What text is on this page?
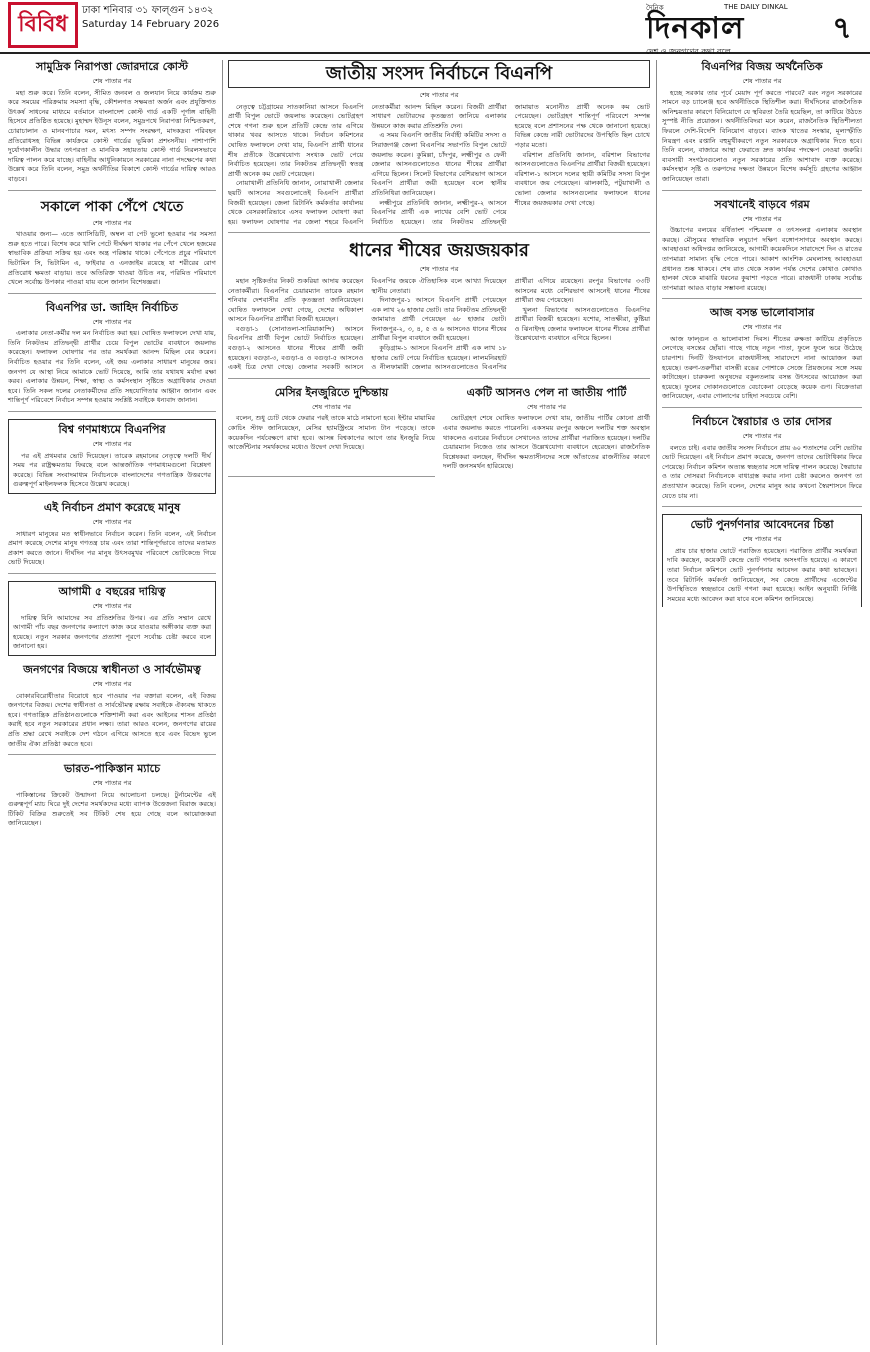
বিবিধ
ঢাকা শনিবার ৩১ ফাল্গুন ১৪৩২
Saturday 14 February 2026
দৈনিক	THE DAILY DINKAL
দিনকাল
দেশ ও জনগণের কথা বলে
৭
সামুদ্রিক নিরাপত্তা জোরদারে কোস্ট
শেষ পাতার পর

মহা শুরু করে। তিনি বলেন, সীমিত জনবল ও জলযান নিয়ে কার্যক্রম শুরু করে সময়ের পরিক্রমায় সমস্যা বৃদ্ধি, কৌশলগত সক্ষমতা অর্জন এবং প্রযুক্তিগত উৎকর্ষ সাধনের মাধ্যমে বর্তমানে বাংলাদেশ কোস্ট গার্ড একটি পূর্ণাঙ্গ বাহিনী হিসেবে প্রতিষ্ঠিত হয়েছে। মুহাম্মদ ইউনূস বলেন, সমুদ্রপথে নিরাপত্তা নিশ্চিতকরণ, চোরাচালান ও মানবপাচার দমন, মৎস্য সম্পদ সংরক্ষণ, মাদকদ্রব্য পরিবহন প্রতিরোধসহ বিভিন্ন কার্যক্রমে কোস্ট গার্ডের ভূমিকা প্রশংসনীয়। পাশাপাশি দুর্যোগকালীন উদ্ধার তৎপরতা ও মানবিক সহায়তায় কোস্ট গার্ড নিরলসভাবে দায়িত্ব পালন করে যাচ্ছে। বাহিনীর আধুনিকায়নে সরকারের নানা পদক্ষেপের কথা উল্লেখ করে তিনি বলেন, সমুদ্র অর্থনীতির বিকাশে কোস্ট গার্ডের দায়িত্ব আরও বাড়বে।

সকালে পাকা পেঁপে খেতে
শেষ পাতার পর

খাওয়ার জন্য— এতে অ্যাসিডিটি, অম্বল বা পেট ভুলো হওয়ার পর সমস্যা শুরু হতে পারে। বিশেষ করে খালি পেটে দীর্ঘক্ষণ থাকার পর পেঁপে খেলে হজমের স্বাভাবিক প্রক্রিয়া সক্রিয় হয় এবং অন্ত্র পরিষ্কার থাকে। পেঁপেতে প্রচুর পরিমাণে ভিটামিন সি, ভিটামিন এ, ফাইবার ও এনজাইম রয়েছে যা শরীরের রোগ প্রতিরোধ ক্ষমতা বাড়ায়। তবে অতিরিক্ত খাওয়া উচিত নয়, পরিমিত পরিমাণে খেলে সর্বোচ্চ উপকার পাওয়া যায় বলে জানান বিশেষজ্ঞরা।

বিএনপির ডা. জাহিদ নির্বাচিত
শেষ পাতার পর

এলাকার নেতা-কর্মীর দল মন নির্বাচিত করা হয়। ঘোষিত ফলাফলে দেখা যায়, তিনি নিকটতম প্রতিদ্বন্দ্বী প্রার্থীর চেয়ে বিপুল ভোটের ব্যবধানে জয়লাভ করেছেন। ফলাফল ঘোষণার পর তার সমর্থকরা আনন্দ মিছিল বের করেন। নির্বাচিত হওয়ার পর তিনি বলেন, এই জয় এলাকার সাধারণ মানুষের জয়। জনগণ যে আস্থা নিয়ে আমাকে ভোট দিয়েছে, আমি তার যথাযথ মর্যাদা রক্ষা করব। এলাকার উন্নয়ন, শিক্ষা, স্বাস্থ্য ও কর্মসংস্থান সৃষ্টিতে অগ্রাধিকার দেওয়া হবে। তিনি সকল দলের নেতাকর্মীদের প্রতি সহযোগিতার আহ্বান জানান এবং শান্তিপূর্ণ পরিবেশে নির্বাচন সম্পন্ন হওয়ায় সংশ্লিষ্ট সবাইকে ধন্যবাদ জানান।

বিশ্ব গণমাধ্যমে বিএনপির
শেষ পাতার পর

পর এই প্রথমবার ভোট দিয়েছেন। তারেক রহমানের নেতৃত্বে দলটি দীর্ঘ সময় পর রাষ্ট্রক্ষমতায় ফিরছে বলে আন্তর্জাতিক গণমাধ্যমগুলো বিশ্লেষণ করেছে। বিভিন্ন সংবাদমাধ্যম নির্বাচনকে বাংলাদেশের গণতান্ত্রিক উত্তরণের গুরুত্বপূর্ণ মাইলফলক হিসেবে উল্লেখ করেছে।

এই নির্বাচন প্রমাণ করেছে মানুষ
শেষ পাতার পর

সাধারণ মানুষের মত স্বাধীনভাবে নির্বাচন করেন। তিনি বলেন, এই নির্বাচন প্রমাণ করেছে দেশের মানুষ গণতন্ত্র চায় এবং তারা শান্তিপূর্ণভাবে তাদের মতামত প্রকাশ করতে জানে। দীর্ঘদিন পর মানুষ উৎসবমুখর পরিবেশে ভোটকেন্দ্রে গিয়ে ভোট দিয়েছে।

আগামী ৫ বছরের দায়িত্ব
শেষ পাতার পর

দায়িত্ব যিনি আমাদের সব প্রতিশ্রুতির উপর। এর প্রতি সম্মান রেখে আগামী পাঁচ বছর জনগণের কল্যাণে কাজ করে যাওয়ার অঙ্গীকার ব্যক্ত করা হয়েছে। নতুন সরকার জনগণের প্রত্যাশা পূরণে সর্বোচ্চ চেষ্টা করবে বলে জানানো হয়।

জনগণের বিজয়ে স্বাধীনতা ও সার্বভৌমত্ব
শেষ পাতার পর

বোকারবিরোধীতার বিরোধে হবে পাওয়ার পর বক্তারা বলেন, এই বিজয় জনগণের বিজয়। দেশের স্বাধীনতা ও সার্বভৌমত্ব রক্ষায় সবাইকে ঐক্যবদ্ধ থাকতে হবে। গণতান্ত্রিক প্রতিষ্ঠানগুলোকে শক্তিশালী করা এবং আইনের শাসন প্রতিষ্ঠা করাই হবে নতুন সরকারের প্রধান লক্ষ্য। তারা আরও বলেন, জনগণের রায়ের প্রতি শ্রদ্ধা রেখে সবাইকে দেশ গঠনে এগিয়ে আসতে হবে এবং বিভেদ ভুলে জাতীয় ঐক্য প্রতিষ্ঠা করতে হবে।

ভারত-পাকিস্তান ম্যাচে
শেষ পাতার পর

পাকিস্তানের ক্রিকেট উন্মাদনা নিয়ে আলোচনা চলছে। টুর্নামেন্টের এই গুরুত্বপূর্ণ ম্যাচ ঘিরে দুই দেশের সমর্থকদের মধ্যে ব্যাপক উত্তেজনা বিরাজ করছে। টিকিট বিক্রির শুরুতেই সব টিকিট শেষ হয়ে গেছে বলে আয়োজকরা জানিয়েছেন।

জাতীয় সংসদ নির্বাচনে বিএনপি
শেষ পাতার পর

নেতৃত্বে চট্টগ্রামের সাতকানিয়া আসনে বিএনপি প্রার্থী বিপুল ভোটে জয়লাভ করেছেন। ভোটগ্রহণ শেষে গণনা শুরু হলে প্রতিটি কেন্দ্রে তার এগিয়ে থাকার খবর আসতে থাকে। নির্বাচন কমিশনের ঘোষিত ফলাফলে দেখা যায়, বিএনপি প্রার্থী ধানের শীষ প্রতীকে উল্লেখযোগ্য সংখ্যক ভোট পেয়ে নির্বাচিত হয়েছেন। তার নিকটতম প্রতিদ্বন্দ্বী স্বতন্ত্র প্রার্থী অনেক কম ভোট পেয়েছেন।

নোয়াখালী প্রতিনিধি জানান, নোয়াখালী জেলার ছয়টি আসনের সবগুলোতেই বিএনপি প্রার্থীরা বিজয়ী হয়েছেন। জেলা রিটার্নিং কর্মকর্তার কার্যালয় থেকে বেসরকারিভাবে এসব ফলাফল ঘোষণা করা হয়। ফলাফল ঘোষণার পর জেলা শহরে বিএনপি নেতাকর্মীরা আনন্দ মিছিল করেন। বিজয়ী প্রার্থীরা সাধারণ ভোটারদের কৃতজ্ঞতা জানিয়ে এলাকার উন্নয়নে কাজ করার প্রতিশ্রুতি দেন।

এ সময় বিএনপি জাতীয় নির্বাহী কমিটির সদস্য ও সিরাজগঞ্জ জেলা বিএনপির সভাপতি বিপুল ভোটে জয়লাভ করেন। কুমিল্লা, চাঁদপুর, লক্ষ্মীপুর ও ফেনী জেলার আসনগুলোতেও ধানের শীষের প্রার্থীরা এগিয়ে ছিলেন। সিলেট বিভাগের বেশিরভাগ আসনে বিএনপি প্রার্থীরা জয়ী হয়েছেন বলে স্থানীয় প্রতিনিধিরা জানিয়েছেন।

লক্ষ্মীপুরে প্রতিনিধি জানান, লক্ষ্মীপুর-২ আসনে বিএনপির প্রার্থী এক লাখের বেশি ভোট পেয়ে নির্বাচিত হয়েছেন। তার নিকটতম প্রতিদ্বন্দ্বী জামায়াত মনোনীত প্রার্থী অনেক কম ভোট পেয়েছেন। ভোটগ্রহণ শান্তিপূর্ণ পরিবেশে সম্পন্ন হয়েছে বলে প্রশাসনের পক্ষ থেকে জানানো হয়েছে। বিভিন্ন কেন্দ্রে নারী ভোটারদের উপস্থিতি ছিল চোখে পড়ার মতো।

বরিশাল প্রতিনিধি জানান, বরিশাল বিভাগের আসনগুলোতেও বিএনপির প্রার্থীরা বিজয়ী হয়েছেন। বরিশাল-১ আসনে দলের স্থায়ী কমিটির সদস্য বিপুল ব্যবধানে জয় পেয়েছেন। ঝালকাঠি, পটুয়াখালী ও ভোলা জেলার আসনগুলোর ফলাফলে ধানের শীষের জয়জয়কার দেখা গেছে।

ধানের শীষের জয়জয়কার
শেষ পাতার পর

মহান সৃষ্টিকর্তার নিকট শুকরিয়া আদায় করেছেন নেতাকর্মীরা। বিএনপির চেয়ারম্যান তারেক রহমান শনিবার দেশবাসীর প্রতি কৃতজ্ঞতা জানিয়েছেন। ঘোষিত ফলাফলে দেখা গেছে, দেশের অধিকাংশ আসনে বিএনপির প্রার্থীরা বিজয়ী হয়েছেন।

বগুড়া-১ (সোনাতলা-সারিয়াকান্দি) আসনে বিএনপির প্রার্থী বিপুল ভোটে নির্বাচিত হয়েছেন। বগুড়া-২ আসনেও ধানের শীষের প্রার্থী জয়ী হয়েছেন। বগুড়া-৩, বগুড়া-৪ ও বগুড়া-৫ আসনেও একই চিত্র দেখা গেছে। জেলার সবকটি আসনে বিএনপির জয়কে ঐতিহাসিক বলে আখ্যা দিয়েছেন স্থানীয় নেতারা।

দিনাজপুর-১ আসনে বিএনপি প্রার্থী পেয়েছেন এক লাখ ২৬ হাজার ভোট। তার নিকটতম প্রতিদ্বন্দ্বী জামায়াত প্রার্থী পেয়েছেন ৬৮ হাজার ভোট। দিনাজপুর-২, ৩, ৪, ৫ ও ৬ আসনেও ধানের শীষের প্রার্থীরা বিপুল ব্যবধানে জয়ী হয়েছেন।

কুড়িগ্রাম-১ আসনে বিএনপি প্রার্থী এক লাখ ১৮ হাজার ভোট পেয়ে নির্বাচিত হয়েছেন। লালমনিরহাট ও নীলফামারী জেলার আসনগুলোতেও বিএনপির প্রার্থীরা এগিয়ে রয়েছেন। রংপুর বিভাগের ৩৩টি আসনের মধ্যে বেশিরভাগ আসনেই ধানের শীষের প্রার্থীরা জয় পেয়েছেন।

খুলনা বিভাগের আসনগুলোতেও বিএনপির প্রার্থীরা বিজয়ী হয়েছেন। যশোর, সাতক্ষীরা, কুষ্টিয়া ও ঝিনাইদহ জেলার ফলাফলে ধানের শীষের প্রার্থীরা উল্লেখযোগ্য ব্যবধানে এগিয়ে ছিলেন।

মেসির ইনজুরিতে দুশ্চিন্তায়
শেষ পাতার পর

বলেন, শুধু চোট থেকে ফেরার পরই তাকে মাঠে নামানো হবে। ইন্টার মায়ামির কোচিং স্টাফ জানিয়েছেন, মেসির হ্যামস্ট্রিংয়ে সামান্য টান পড়েছে। তাকে কয়েকদিন পর্যবেক্ষণে রাখা হবে। আসন্ন বিশ্বকাপের আগে তার ইনজুরি নিয়ে আর্জেন্টিনার সমর্থকদের মধ্যেও উদ্বেগ দেখা দিয়েছে।

একটি আসনও পেল না জাতীয় পার্টি
শেষ পাতার পর

ভোটগ্রহণ শেষে ঘোষিত ফলাফলে দেখা যায়, জাতীয় পার্টির কোনো প্রার্থী এবার জয়লাভ করতে পারেননি। একসময় রংপুর অঞ্চলে দলটির শক্ত অবস্থান থাকলেও এবারের নির্বাচনে সেখানেও তাদের প্রার্থীরা পরাজিত হয়েছেন। দলটির চেয়ারম্যান নিজেও তার আসনে উল্লেখযোগ্য ব্যবধানে হেরেছেন। রাজনৈতিক বিশ্লেষকরা বলছেন, দীর্ঘদিন ক্ষমতাসীনদের সঙ্গে আঁতাতের রাজনীতির কারণে দলটি জনসমর্থন হারিয়েছে।

বিএনপির বিজয় অর্থনৈতিক
শেষ পাতার পর

হচ্ছে সরকার তার পূর্বে মেয়াদ পূর্ণ করতে পারবে? বরং নতুন সরকারের সামনে বড় চ্যালেঞ্জ হবে অর্থনীতিকে স্থিতিশীল করা। দীর্ঘদিনের রাজনৈতিক অনিশ্চয়তার কারণে বিনিয়োগে যে স্থবিরতা তৈরি হয়েছিল, তা কাটিয়ে উঠতে সুস্পষ্ট নীতি প্রয়োজন। অর্থনীতিবিদরা মনে করেন, রাজনৈতিক স্থিতিশীলতা ফিরলে দেশি-বিদেশি বিনিয়োগ বাড়বে। ব্যাংক খাতের সংস্কার, মূল্যস্ফীতি নিয়ন্ত্রণ এবং রপ্তানি বহুমুখীকরণে নতুন সরকারকে অগ্রাধিকার দিতে হবে। তিনি বলেন, বাজারে আস্থা ফেরাতে দ্রুত কার্যকর পদক্ষেপ নেওয়া জরুরি। ব্যবসায়ী সংগঠনগুলোও নতুন সরকারের প্রতি আশাবাদ ব্যক্ত করেছে। কর্মসংস্থান সৃষ্টি ও তরুণদের দক্ষতা উন্নয়নে বিশেষ কর্মসূচি গ্রহণের আহ্বান জানিয়েছেন তারা।

সবখানেই বাড়বে গরম
শেষ পাতার পর

উচ্চাপের বলয়ের বর্ধিতাংশ পশ্চিমবঙ্গ ও তৎসংলগ্ন এলাকায় অবস্থান করছে। মৌসুমের স্বাভাবিক লঘুচাপ দক্ষিণ বঙ্গোপসাগরে অবস্থান করছে। আবহাওয়া অধিদপ্তর জানিয়েছে, আগামী কয়েকদিনে সারাদেশে দিন ও রাতের তাপমাত্রা সামান্য বৃদ্ধি পেতে পারে। আকাশ আংশিক মেঘলাসহ আবহাওয়া প্রধানত শুষ্ক থাকবে। শেষ রাত থেকে সকাল পর্যন্ত দেশের কোথাও কোথাও হালকা থেকে মাঝারি ধরনের কুয়াশা পড়তে পারে। রাজধানী ঢাকায় সর্বোচ্চ তাপমাত্রা আরও বাড়ার সম্ভাবনা রয়েছে।

আজ বসন্ত ভালোবাসার
শেষ পাতার পর

আজ ফাল্গুন ও ভালোবাসা দিবস। শীতের রুক্ষতা কাটিয়ে প্রকৃতিতে লেগেছে বসন্তের ছোঁয়া। গাছে গাছে নতুন পাতা, ফুলে ফুলে ভরে উঠেছে চারপাশ। দিনটি উদযাপনে রাজধানীসহ সারাদেশে নানা আয়োজন করা হয়েছে। তরুণ-তরুণীরা বাসন্তী রঙের পোশাকে সেজে প্রিয়জনের সঙ্গে সময় কাটাচ্ছেন। চারুকলা অনুষদের বকুলতলায় বসন্ত উৎসবের আয়োজন করা হয়েছে। ফুলের দোকানগুলোতে বেচাকেনা বেড়েছে কয়েক গুণ। বিক্রেতারা জানিয়েছেন, এবার গোলাপের চাহিদা সবচেয়ে বেশি।

নির্বাচনে স্বৈরাচার ও তার দোসর
শেষ পাতার পর

বলতে চাই। এবার জাতীয় সংসদ নির্বাচনে প্রায় ৬০ শতাংশের বেশি ভোটার ভোট দিয়েছেন। এই নির্বাচন প্রমাণ করেছে, জনগণ তাদের ভোটাধিকার ফিরে পেয়েছে। নির্বাচন কমিশন অত্যন্ত স্বচ্ছতার সঙ্গে দায়িত্ব পালন করেছে। স্বৈরাচার ও তার দোসররা নির্বাচনকে বাধাগ্রস্ত করার নানা চেষ্টা করলেও জনগণ তা প্রত্যাখ্যান করেছে। তিনি বলেন, দেশের মানুষ আর কখনো স্বৈরশাসনে ফিরে যেতে চায় না।

ভোট পুনর্গণনার আবেদনের চিন্তা
শেষ পাতার পর

প্রায় চার হাজার ভোটে পরাজিত হয়েছেন। পরাজিত প্রার্থীর সমর্থকরা দাবি করছেন, কয়েকটি কেন্দ্রে ভোট গণনায় অসংগতি হয়েছে। এ কারণে তারা নির্বাচন কমিশনে ভোট পুনর্গণনার আবেদন করার কথা ভাবছেন। তবে রিটার্নিং কর্মকর্তা জানিয়েছেন, সব কেন্দ্রে প্রার্থীদের এজেন্টের উপস্থিতিতে স্বচ্ছভাবে ভোট গণনা করা হয়েছে। আইন অনুযায়ী নির্দিষ্ট সময়ের মধ্যে আবেদন করা যাবে বলে কমিশন জানিয়েছে।
